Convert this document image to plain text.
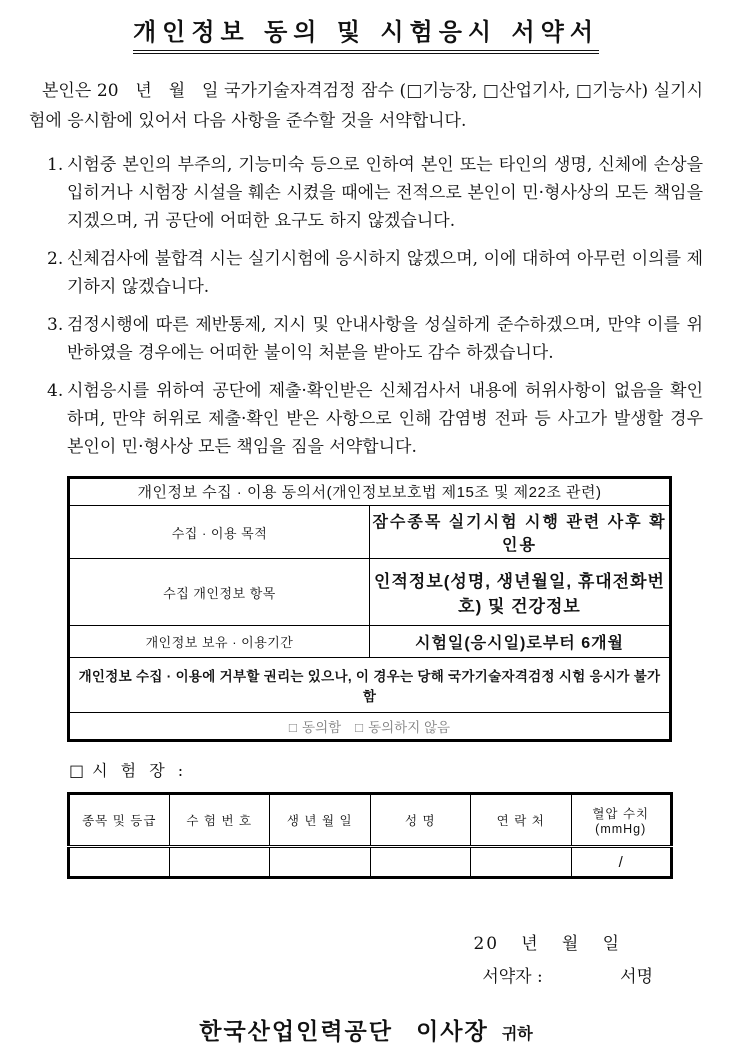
개인정보 동의 및 시험응시 서약서

본인은 20   년   월   일 국가기술자격검정 잠수 (□기능장, □산업기사, □기능사) 실기시험에 응시함에 있어서 다음 사항을 준수할 것을 서약합니다.

1. 시험중 본인의 부주의, 기능미숙 등으로 인하여 본인 또는 타인의 생명, 신체에 손상을 입히거나 시험장 시설을 훼손 시켰을 때에는 전적으로 본인이 민·형사상의 모든 책임을 지겠으며, 귀 공단에 어떠한 요구도 하지 않겠습니다.
2. 신체검사에 불합격 시는 실기시험에 응시하지 않겠으며, 이에 대하여 아무런 이의를 제기하지 않겠습니다.
3. 검정시행에 따른 제반통제, 지시 및 안내사항을 성실하게 준수하겠으며, 만약 이를 위반하였을 경우에는 어떠한 불이익 처분을 받아도 감수 하겠습니다.
4. 시험응시를 위하여 공단에 제출·확인받은 신체검사서 내용에 허위사항이 없음을 확인하며, 만약 허위로 제출·확인 받은 사항으로 인해 감염병 전파 등 사고가 발생할 경우 본인이 민·형사상 모든 책임을 짐을 서약합니다.
개인정보 수집 · 이용 동의서(개인정보보호법 제15조 및 제22조 관련)	
수집 · 이용 목적	잠수종목 실기시험 시행 관련 사후 확인용
수집 개인정보 항목	인적정보(성명, 생년월일, 휴대전화번호) 및 건강정보
개인정보 보유 · 이용기간	시험일(응시일)로부터 6개월
개인정보 수집 · 이용에 거부할 권리는 있으나, 이 경우는 당해 국가기술자격검정 시험 응시가 불가함	
□ 동의함 □ 동의하지 않음	
□ 시 험 장 :
종목 및 등급	수 험 번 호	생 년 월 일	성 명	연 락 처	혈압 수치(mmHg)
					/
20   년   월   일
서약자 :	서명
한국산업인력공단 이사장 귀하
